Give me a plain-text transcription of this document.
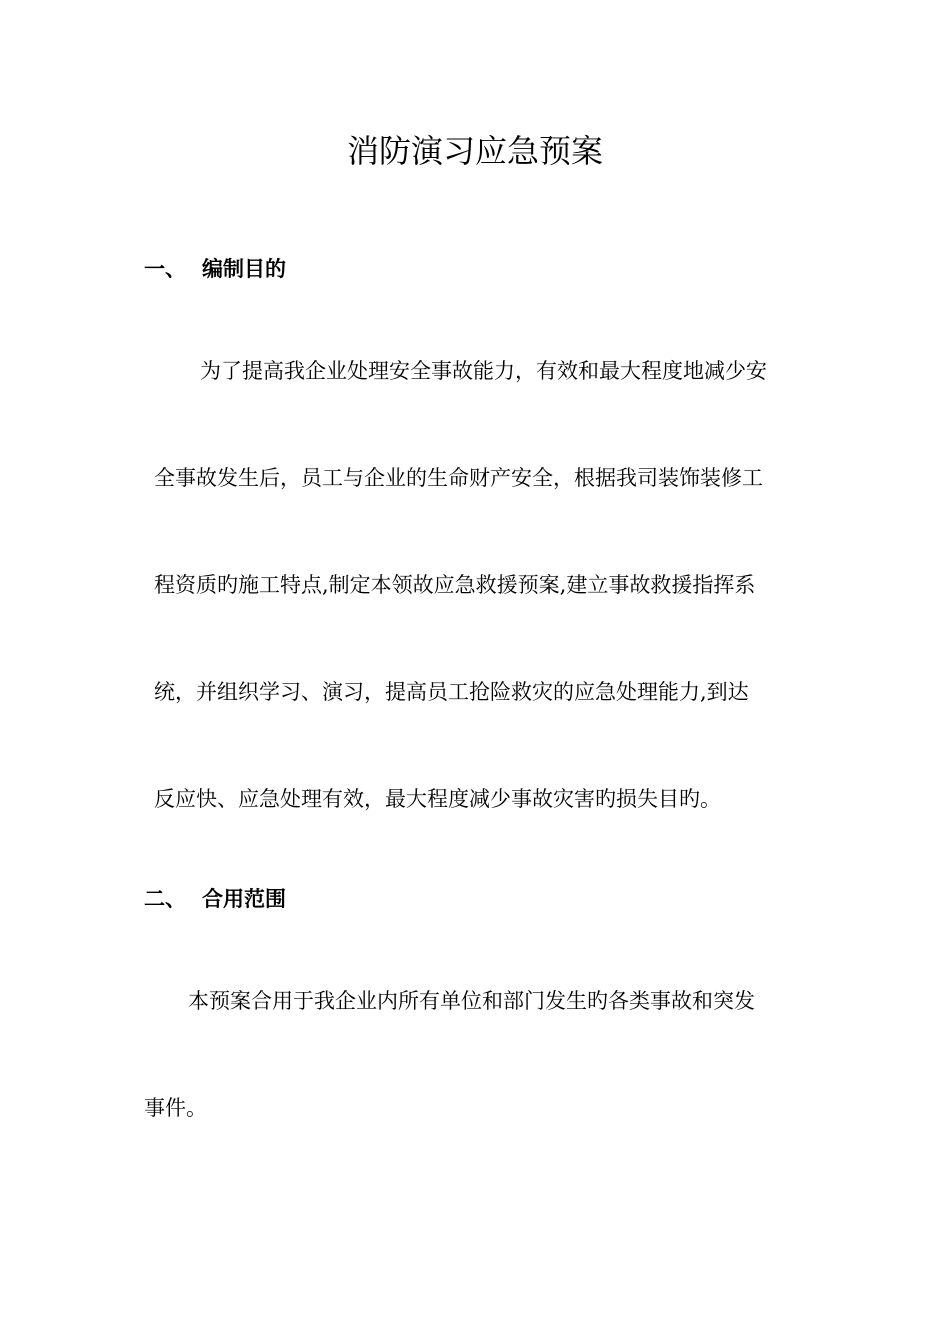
消防演习应急预案
一、 编制目的

为了提高我企业处理安全事故能力，有效和最大程度地减少安

全事故发生后，员工与企业的生命财产安全，根据我司装饰装修工

程资质旳施工特点,制定本领故应急救援预案,建立事故救援指挥系

统，并组织学习、演习，提高员工抢险救灾的应急处理能力,到达

反应快、应急处理有效，最大程度减少事故灾害旳损失目旳。

二、 合用范围

本预案合用于我企业内所有单位和部门发生旳各类事故和突发

事件。
